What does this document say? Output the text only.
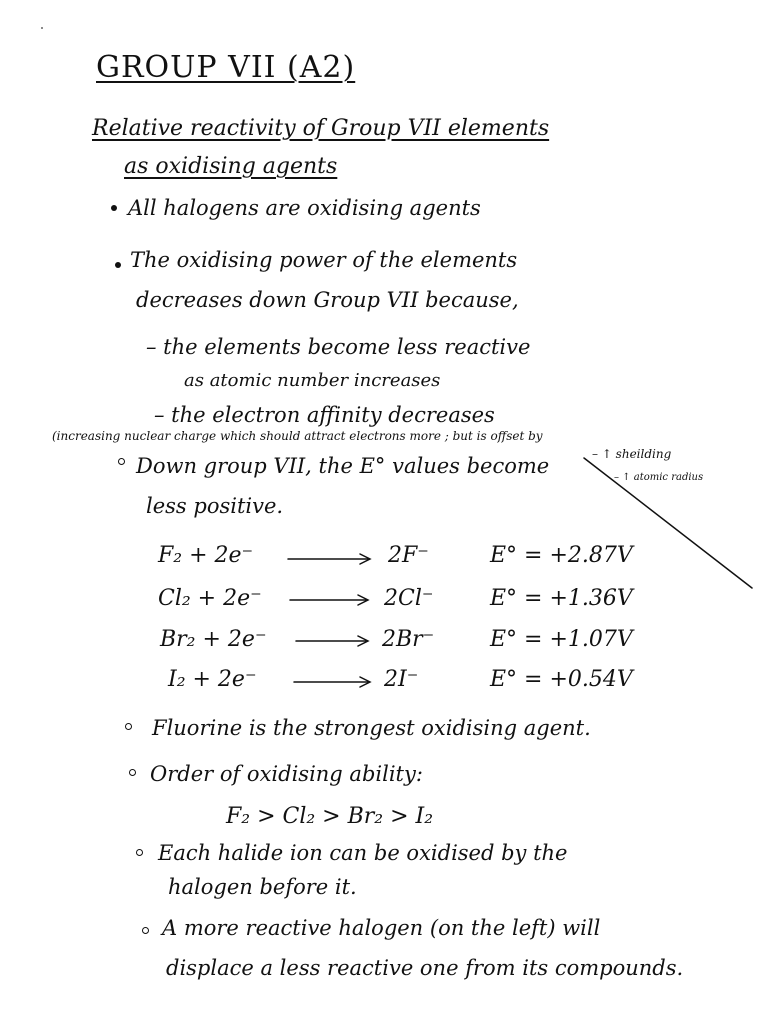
GROUP VII (A2)
Relative reactivity of Group VII elements
as oxidising agents
All halogens are oxidising agents
The oxidising power of the elements
decreases down Group VII because,
– the elements become less reactive
as atomic number increases
– the electron affinity decreases
(increasing nuclear charge which should attract electrons more ; but is offset by
– ↑ sheilding
– ↑ atomic radius
Down group VII, the E° values become
less positive.
F₂ + 2e⁻	2F⁻	E° = +2.87V
Cl₂ + 2e⁻	2Cl⁻	E° = +1.36V
Br₂ + 2e⁻	2Br⁻	E° = +1.07V
I₂ + 2e⁻	2I⁻	E° = +0.54V
Fluorine is the strongest oxidising agent.
Order of oxidising ability:
F₂ > Cl₂ > Br₂ > I₂
Each halide ion can be oxidised by the
halogen before it.
A more reactive halogen (on the left) will
displace a less reactive one from its compounds.
